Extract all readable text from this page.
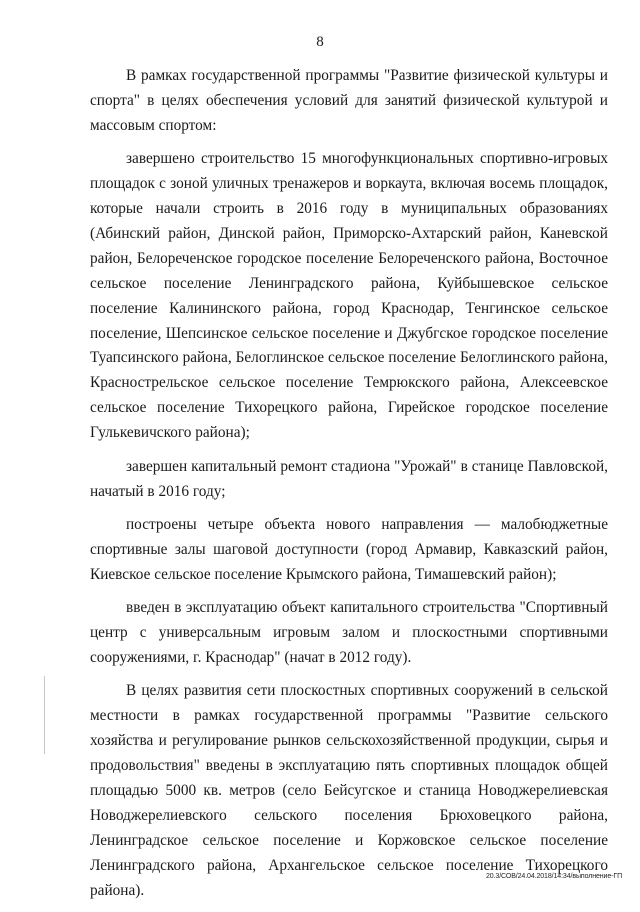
8

В рамках государственной программы "Развитие физической культуры и спорта" в целях обеспечения условий для занятий физической культурой и массовым спортом:

завершено строительство 15 многофункциональных спортивно-игровых площадок с зоной уличных тренажеров и воркаута, включая восемь площадок, которые начали строить в 2016 году в муниципальных образованиях (Абинский район, Динской район, Приморско-Ахтарский район, Каневской район, Белореченское городское поселение Белореченского района, Восточное сельское поселение Ленинградского района, Куйбышевское сельское поселение Калининского района, город Краснодар, Тенгинское сельское поселение, Шепсинское сельское поселение и Джубгское городское поселение Туапсинского района, Белоглинское сельское поселение Белоглинского района, Краснострельское сельское поселение Темрюкского района, Алексеевское сельское поселение Тихорецкого района, Гирейское городское поселение Гулькевичского района);

завершен капитальный ремонт стадиона "Урожай" в станице Павловской, начатый в 2016 году;

построены четыре объекта нового направления — малобюджетные спортивные залы шаговой доступности (город Армавир, Кавказский район, Киевское сельское поселение Крымского района, Тимашевский район);

введен в эксплуатацию объект капитального строительства "Спортивный центр с универсальным игровым залом и плоскостными спортивными сооружениями, г. Краснодар" (начат в 2012 году).

В целях развития сети плоскостных спортивных сооружений в сельской местности в рамках государственной программы "Развитие сельского хозяйства и регулирование рынков сельскохозяйственной продукции, сырья и продовольствия" введены в эксплуатацию пять спортивных площадок общей площадью 5000 кв. метров (село Бейсугское и станица Новоджерелиевская Новоджерелиевского сельского поселения Брюховецкого района, Ленинградское сельское поселение и Коржовское сельское поселение Ленинградского района, Архангельское сельское поселение Тихорецкого района).

20.3/СОВ/24.04.2018/14:34/выполнение-ГП
